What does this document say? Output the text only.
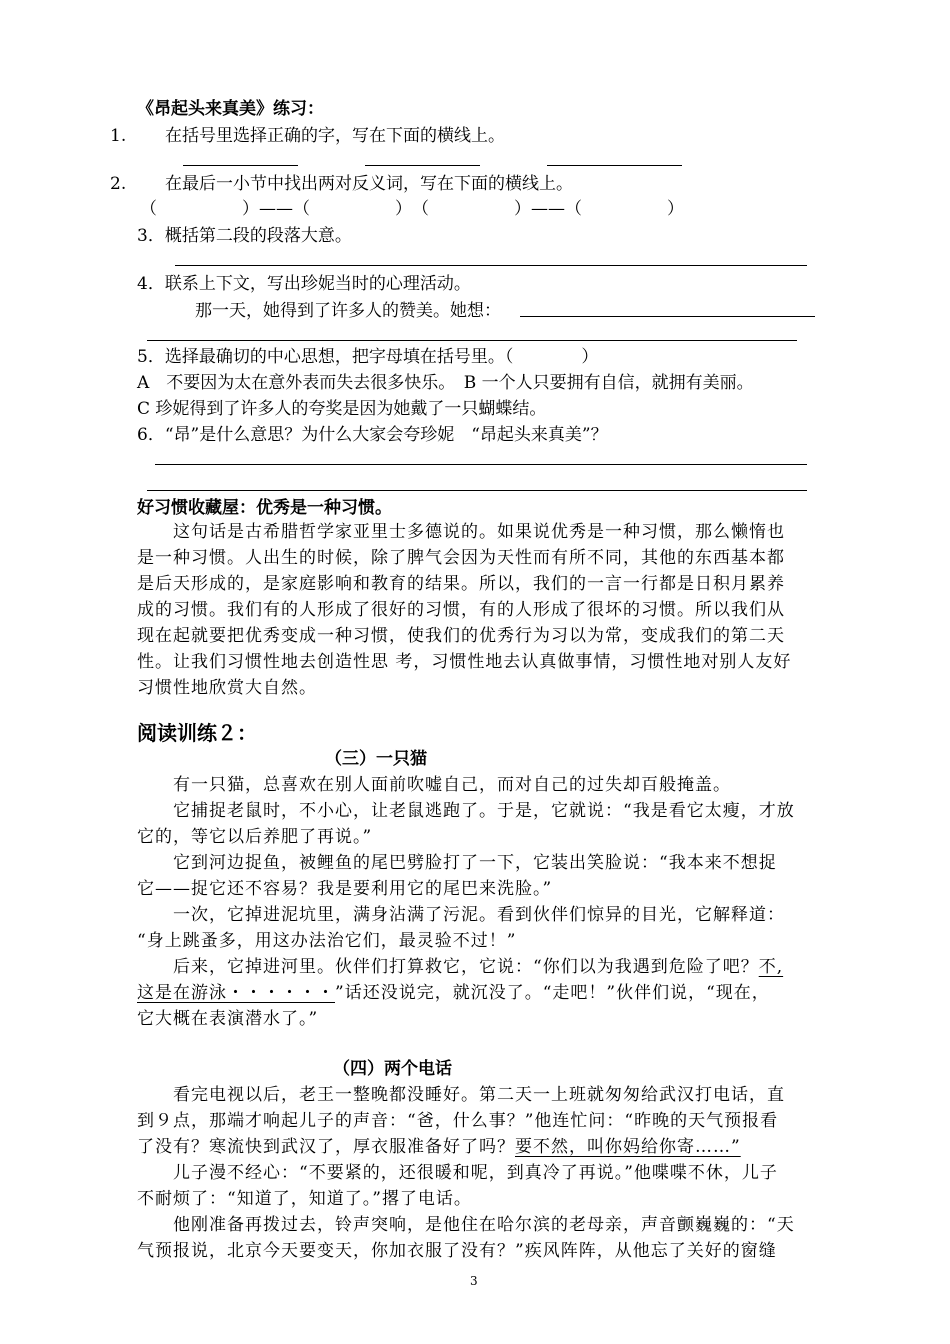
《昂起头来真美》练习：
1. 在括号里选择正确的字，写在下面的横线上。
2. 在最后一小节中找出两对反义词，写在下面的横线上。
（　　　　　）——（　　　　　）　（　　　　　）——（　　　　　）
3．概括第二段的段落大意。
4．联系上下文，写出珍妮当时的心理活动。
那一天，她得到了许多人的赞美。她想：
5．选择最确切的中心思想，把字母填在括号里。（　　　　）
A　不要因为太在意外表而失去很多快乐。　B 一个人只要拥有自信，就拥有美丽。
C 珍妮得到了许多人的夸奖是因为她戴了一只蝴蝶结。
6．“昂”是什么意思？为什么大家会夸珍妮　“昂起头来真美”？
好习惯收藏屋：优秀是一种习惯。
　　这句话是古希腊哲学家亚里士多德说的。如果说优秀是一种习惯，那么懒惰也
是一种习惯。人出生的时候，除了脾气会因为天性而有所不同，其他的东西基本都
是后天形成的，是家庭影响和教育的结果。所以，我们的一言一行都是日积月累养
成的习惯。我们有的人形成了很好的习惯，有的人形成了很坏的习惯。所以我们从
现在起就要把优秀变成一种习惯，使我们的优秀行为习以为常，变成我们的第二天
性。让我们习惯性地去创造性思 考，习惯性地去认真做事情，习惯性地对别人友好
习惯性地欣赏大自然。
阅读训练２：
（三）一只猫
　　有一只猫，总喜欢在别人面前吹嘘自己，而对自己的过失却百般掩盖。
　　它捕捉老鼠时，不小心，让老鼠逃跑了。于是，它就说：“我是看它太瘦，才放
它的，等它以后养肥了再说。”
　　它到河边捉鱼，被鲤鱼的尾巴劈脸打了一下，它装出笑脸说：“我本来不想捉
它——捉它还不容易？我是要利用它的尾巴来洗脸。”
　　一次，它掉进泥坑里，满身沾满了污泥。看到伙伴们惊异的目光，它解释道：
“身上跳蚤多，用这办法治它们，最灵验不过！”
　　后来，它掉进河里。伙伴们打算救它，它说：“你们以为我遇到危险了吧？不,
这是在游泳・・・・・・”话还没说完，就沉没了。“走吧！”伙伴们说，“现在，
它大概在表演潜水了。”
（四）两个电话
　　看完电视以后，老王一整晚都没睡好。第二天一上班就匆匆给武汉打电话，直
到９点，那端才响起儿子的声音：“爸，什么事？”他连忙问：“昨晚的天气预报看
了没有？寒流快到武汉了，厚衣服准备好了吗？要不然，叫你妈给你寄……”
　　儿子漫不经心：“不要紧的，还很暖和呢，到真冷了再说。”他喋喋不休，儿子
不耐烦了：“知道了，知道了。”撂了电话。
　　他刚准备再拨过去，铃声突响，是他住在哈尔滨的老母亲，声音颤巍巍的：“天
气预报说，北京今天要变天，你加衣服了没有？”疾风阵阵，从他忘了关好的窗缝
3
